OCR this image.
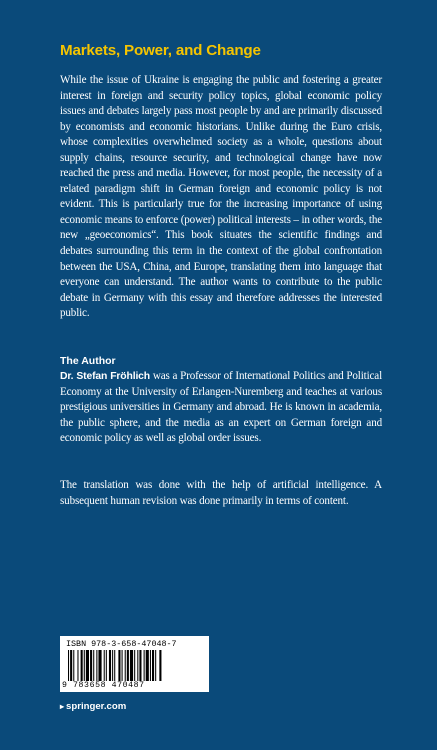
Markets, Power, and Change
While the issue of Ukraine is engaging the public and fostering a greater interest in foreign and security policy topics, global economic policy issues and debates largely pass most people by and are primarily discussed by economists and economic historians. Unlike during the Euro crisis, whose complexities overwhelmed society as a whole, questions about supply chains, resource security, and technological change have now reached the press and media. However, for most people, the necessity of a related paradigm shift in German foreign and economic policy is not evident. This is particularly true for the increasing importance of using economic means to enforce (power) political interests – in other words, the new „geoeconomics“. This book situates the scientific findings and debates surrounding this term in the context of the global confrontation between the USA, China, and Europe, translating them into language that everyone can understand. The author wants to contribute to the public debate in Germany with this essay and therefore addresses the interested public.
The Author
Dr. Stefan Fröhlich was a Professor of International Politics and Political Economy at the University of Erlangen-Nuremberg and teaches at various prestigious universities in Germany and abroad. He is known in academia, the public sphere, and the media as an expert on German foreign and economic policy as well as global order issues.
The translation was done with the help of artificial intelligence. A subsequent human revision was done primarily in terms of content.
ISBN 978-3-658-47048-7
9 783658 470487
▸ springer.com
